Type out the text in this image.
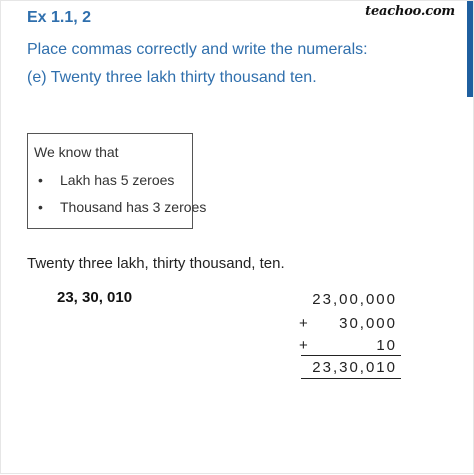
teachoo.com
Ex 1.1, 2
Place commas correctly and write the numerals:
(e) Twenty three lakh thirty thousand ten.
We know that
• Lakh has 5 zeroes
• Thousand has 3 zeroes
Twenty three lakh, thirty thousand, ten.
23, 30, 010	23,00,000
+	30,000
+	10
23,30,010
